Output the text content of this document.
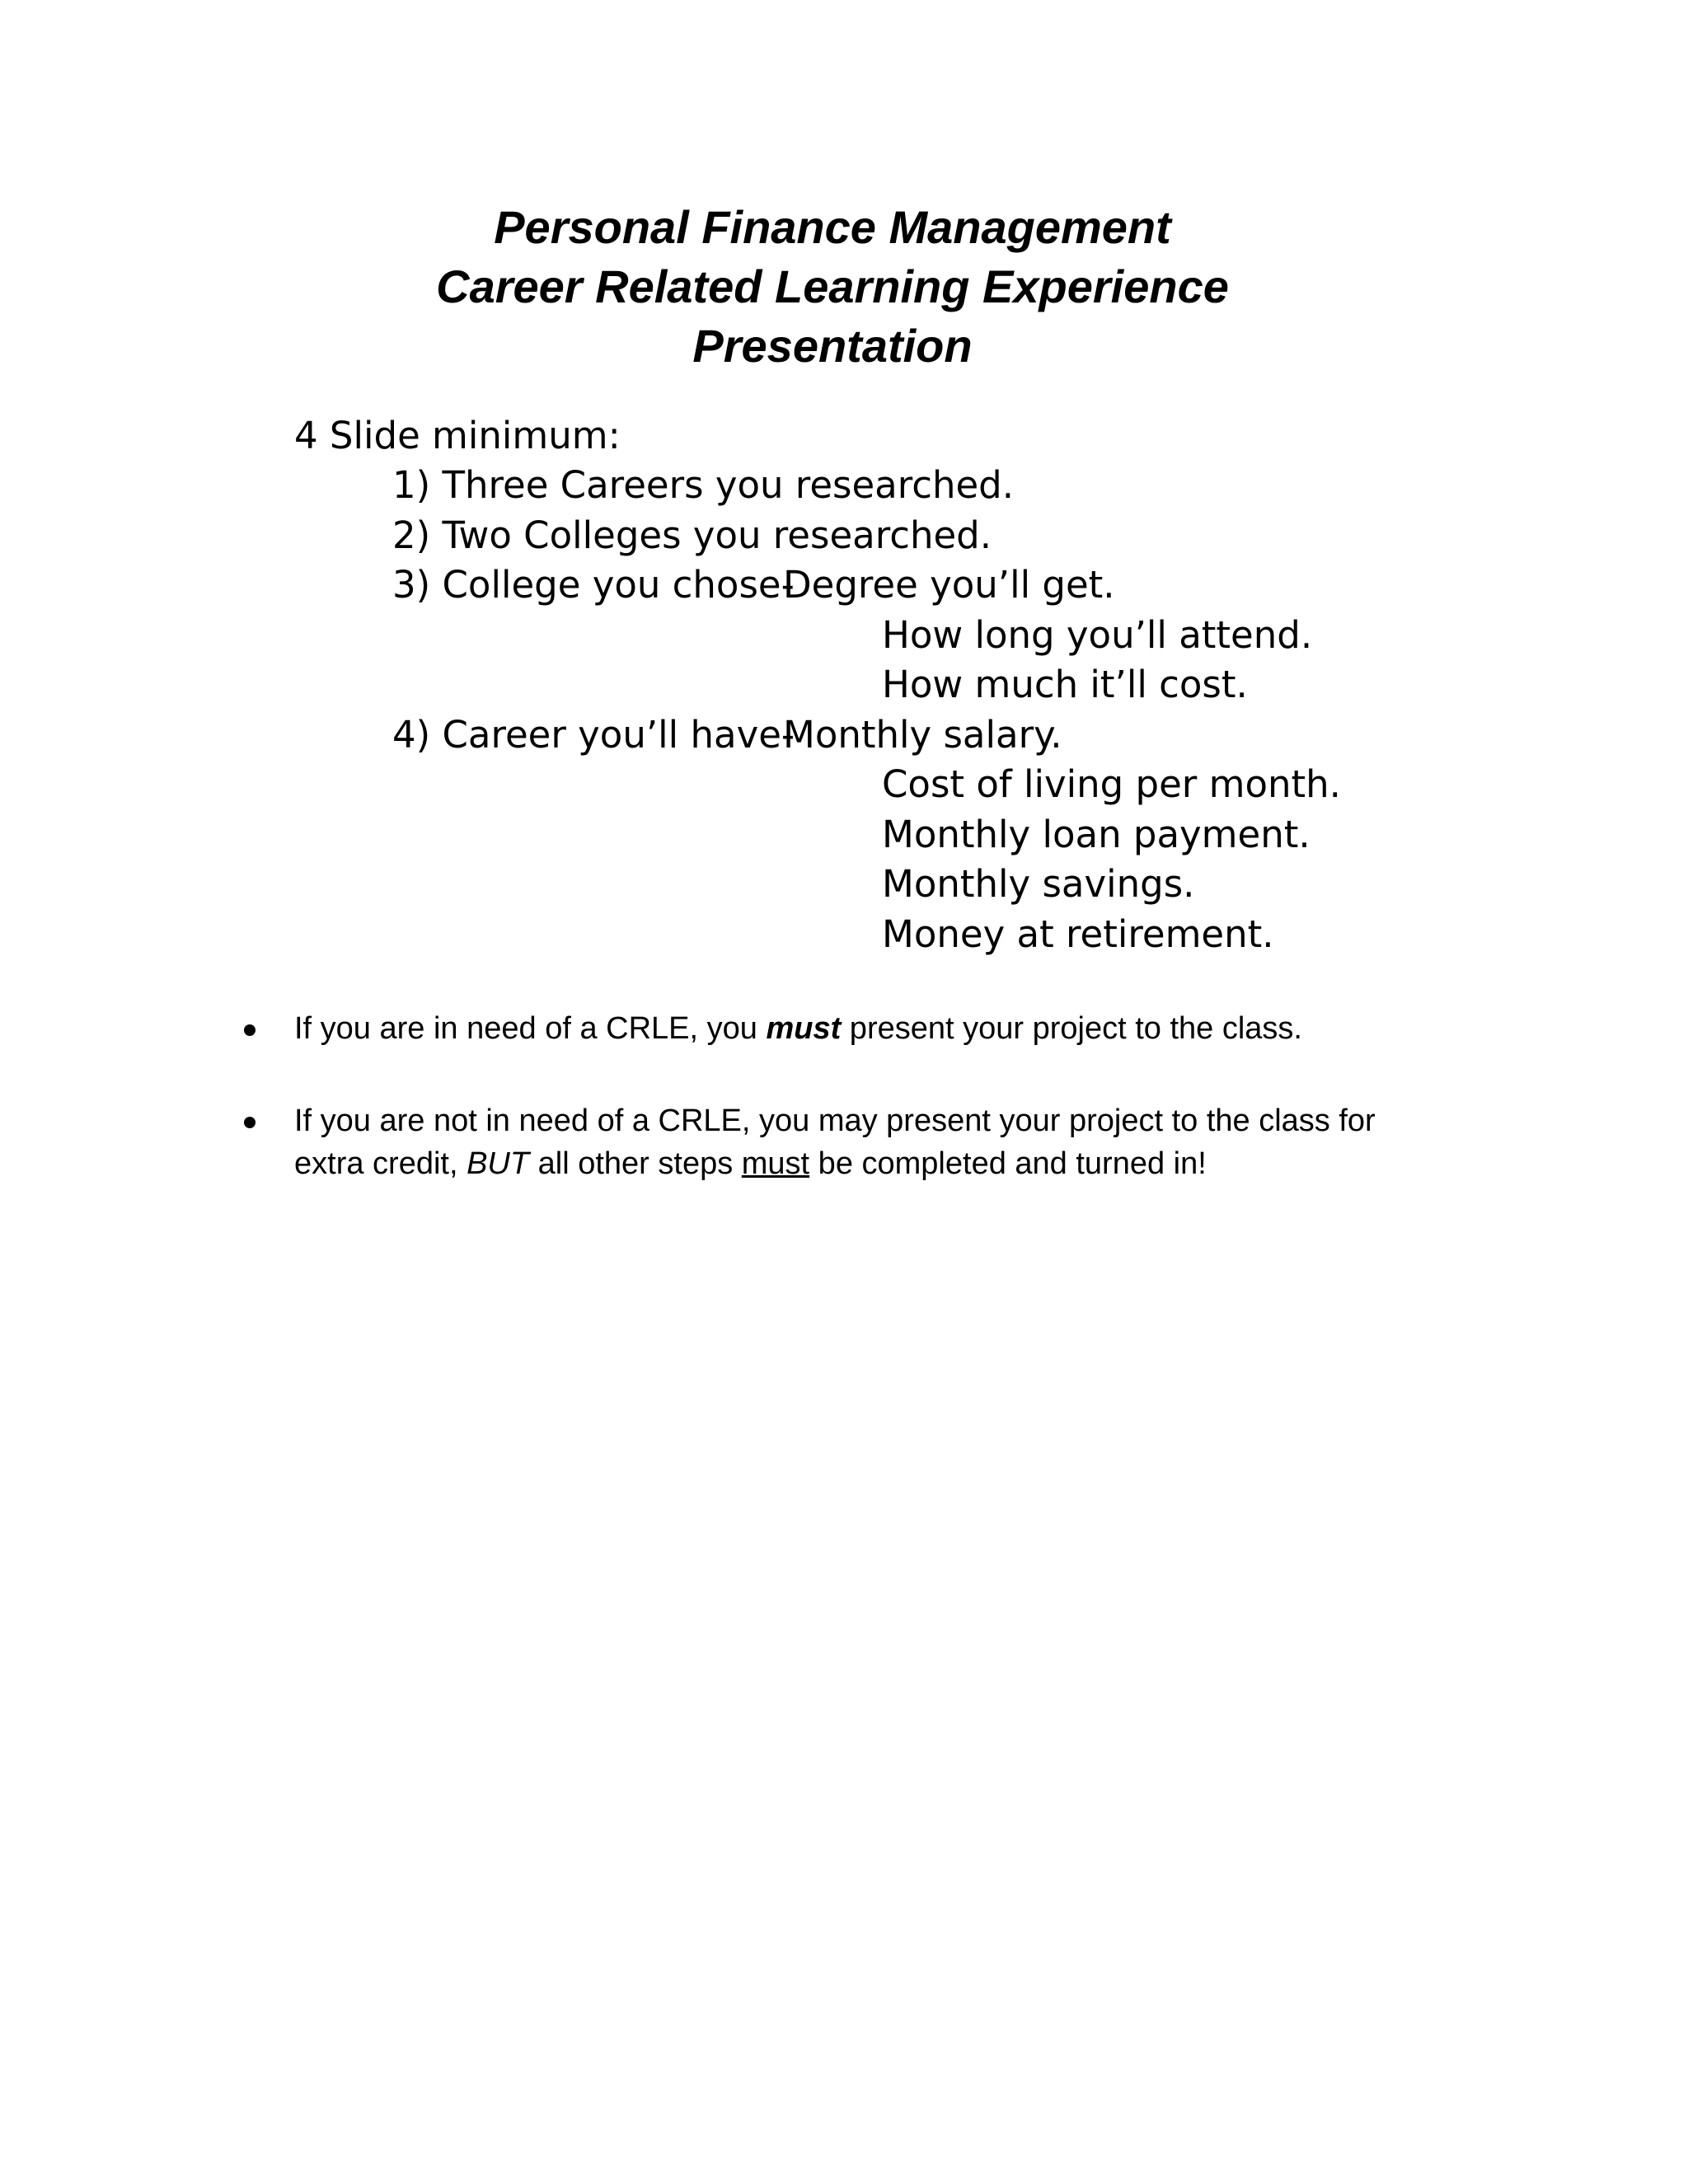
Personal Finance Management
Career Related Learning Experience
Presentation
4 Slide minimum:
1) Three Careers you researched.
2) Two Colleges you researched.
3) College you chose-
Degree you’ll get.
How long you’ll attend.
How much it’ll cost.
4) Career you’ll have-
Monthly salary.
Cost of living per month.
Monthly loan payment.
Monthly savings.
Money at retirement.
If you are in need of a CRLE, you must present your project to the class.
If you are not in need of a CRLE, you may present your project to the class for extra credit, BUT all other steps must be completed and turned in!
